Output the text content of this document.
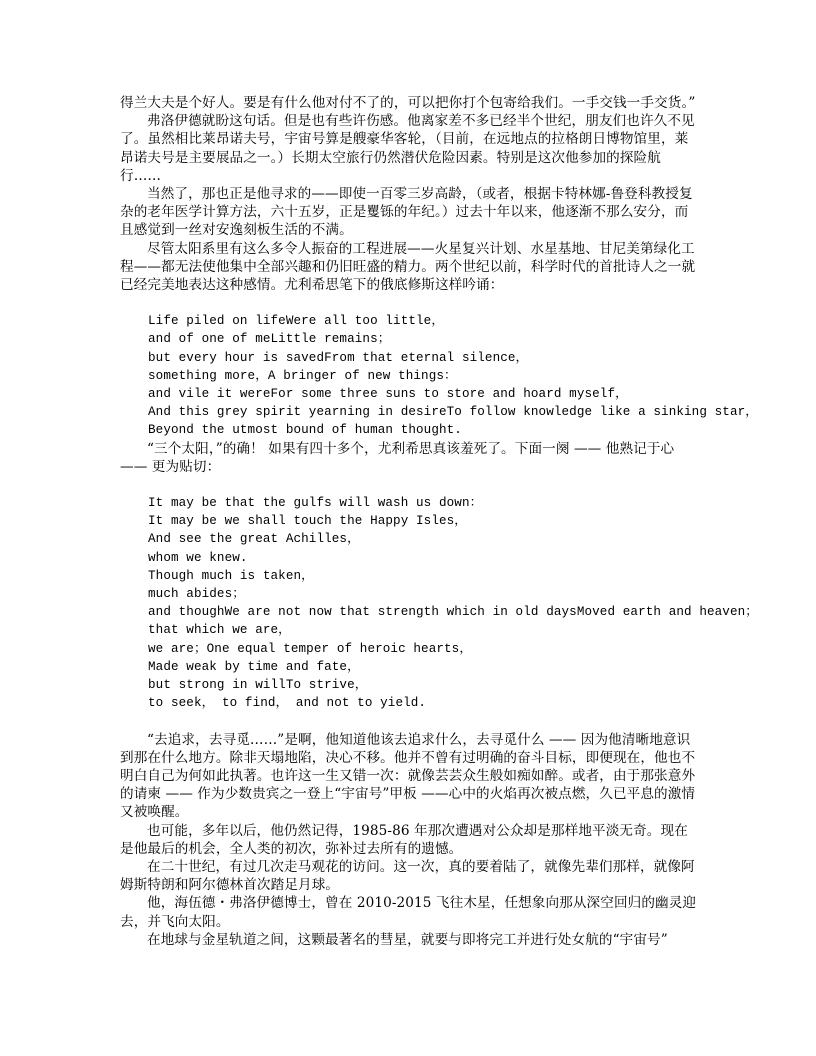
得兰大夫是个好人。要是有什么他对付不了的，可以把你打个包寄给我们。一手交钱一手交货。”

弗洛伊德就盼这句话。但是也有些许伤感。他离家差不多已经半个世纪，朋友们也许久不见了。虽然相比莱昂诺夫号，宇宙号算是艘豪华客轮，（目前，在远地点的拉格朗日博物馆里，莱昂诺夫号是主要展品之一。）长期太空旅行仍然潜伏危险因素。特别是这次他参加的探险航行……

当然了，那也正是他寻求的——即使一百零三岁高龄，（或者，根据卡特林娜-鲁登科教授复杂的老年医学计算方法，六十五岁，正是矍铄的年纪。）过去十年以来，他逐渐不那么安分，而且感觉到一丝对安逸刻板生活的不满。

尽管太阳系里有这么多令人振奋的工程进展——火星复兴计划、水星基地、甘尼美第绿化工程——都无法使他集中全部兴趣和仍旧旺盛的精力。两个世纪以前，科学时代的首批诗人之一就已经完美地表达这种感情。尤利希思笔下的俄底修斯这样吟诵：

Life piled on lifeWere all too little，
and of one of meLittle remains；
but every hour is savedFrom that eternal silence，
something more，A bringer of new things：
and vile it wereFor some three suns to store and hoard myself，
And this grey spirit yearning in desireTo follow knowledge like a sinking star，
Beyond the utmost bound of human thought.

“三个太阳，”的确！ 如果有四十多个，尤利希思真该羞死了。下面一阕 —— 他熟记于心 —— 更为贴切：

It may be that the gulfs will wash us down：
It may be we shall touch the Happy Isles，
And see the great Achilles，
whom we knew.
Though much is taken，
much abides；
and thoughWe are not now that strength which in old daysMoved earth and heaven；
that which we are，
we are；One equal temper of heroic hearts，
Made weak by time and fate，
but strong in willTo strive，
to seek， to find， and not to yield.

“去追求，去寻觅……”是啊，他知道他该去追求什么，去寻觅什么 —— 因为他清晰地意识到那在什么地方。除非天塌地陷，决心不移。他并不曾有过明确的奋斗目标，即便现在，他也不明白自己为何如此执著。也许这一生又错一次：就像芸芸众生般如痴如醉。或者，由于那张意外的请柬 —— 作为少数贵宾之一登上“宇宙号”甲板 ——心中的火焰再次被点燃，久已平息的激情又被唤醒。

也可能，多年以后，他仍然记得，1985-86 年那次遭遇对公众却是那样地平淡无奇。现在是他最后的机会，全人类的初次，弥补过去所有的遗憾。

在二十世纪，有过几次走马观花的访问。这一次，真的要着陆了，就像先辈们那样，就像阿姆斯特朗和阿尔德林首次踏足月球。

他，海伍德・弗洛伊德博士，曾在 2010-2015 飞往木星，任想象向那从深空回归的幽灵迎去，并飞向太阳。

在地球与金星轨道之间，这颗最著名的彗星，就要与即将完工并进行处女航的“宇宙号”
